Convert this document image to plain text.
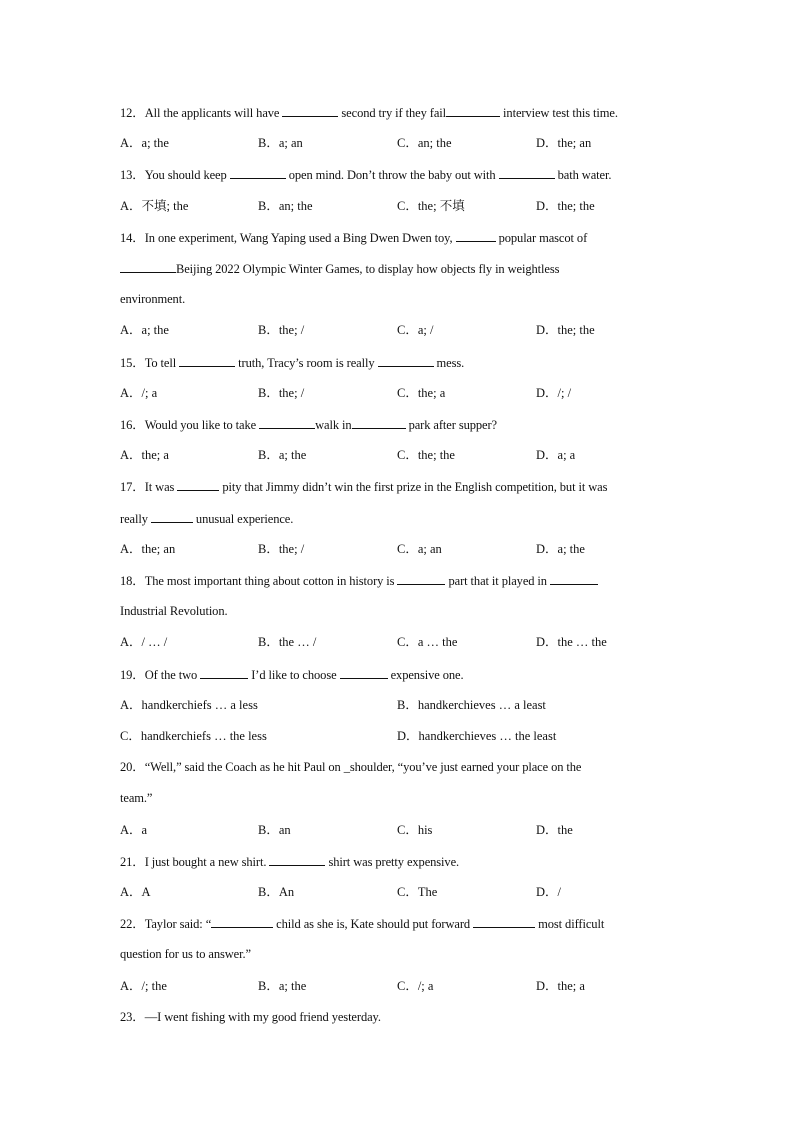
12．All the applicants will have	second try if they fail	interview test this time.
A．a; the	B．a; an	C．an; the	D．the; an
13．You should keep	open mind. Don’t throw the baby out with	bath water.
A．不填; the	B．an; the	C．the; 不填	D．the; the
14．In one experiment, Wang Yaping used a Bing Dwen Dwen toy,	popular mascot of
Beijing 2022 Olympic Winter Games, to display how objects fly in weightless
environment.
A．a; the	B．the; /	C．a; /	D．the; the
15．To tell	truth, Tracy’s room is really	mess.
A．/; a	B．the; /	C．the; a	D．/; /
16．Would you like to take	walk in	park after supper?
A．the; a	B．a; the	C．the; the	D．a; a
17．It was	pity that Jimmy didn’t win the first prize in the English competition, but it was
really	unusual experience.
A．the; an	B．the; /	C．a; an	D．a; the
18．The most important thing about cotton in history is	part that it played in
Industrial Revolution.
A．/ … /	B．the … /	C．a … the	D．the … the
19．Of the two	I’d like to choose	expensive one.
A．handkerchiefs … a less	B．handkerchieves … a least
C．handkerchiefs … the less	D．handkerchieves … the least
20．“Well,” said the Coach as he hit Paul on _shoulder, “you’ve just earned your place on the
team.”
A．a	B．an	C．his	D．the
21．I just bought a new shirt.	shirt was pretty expensive.
A．A	B．An	C．The	D．/
22．Taylor said: “	child as she is, Kate should put forward	most difficult
question for us to answer.”
A．/; the	B．a; the	C．/; a	D．the; a
23．—I went fishing with my good friend yesterday.
